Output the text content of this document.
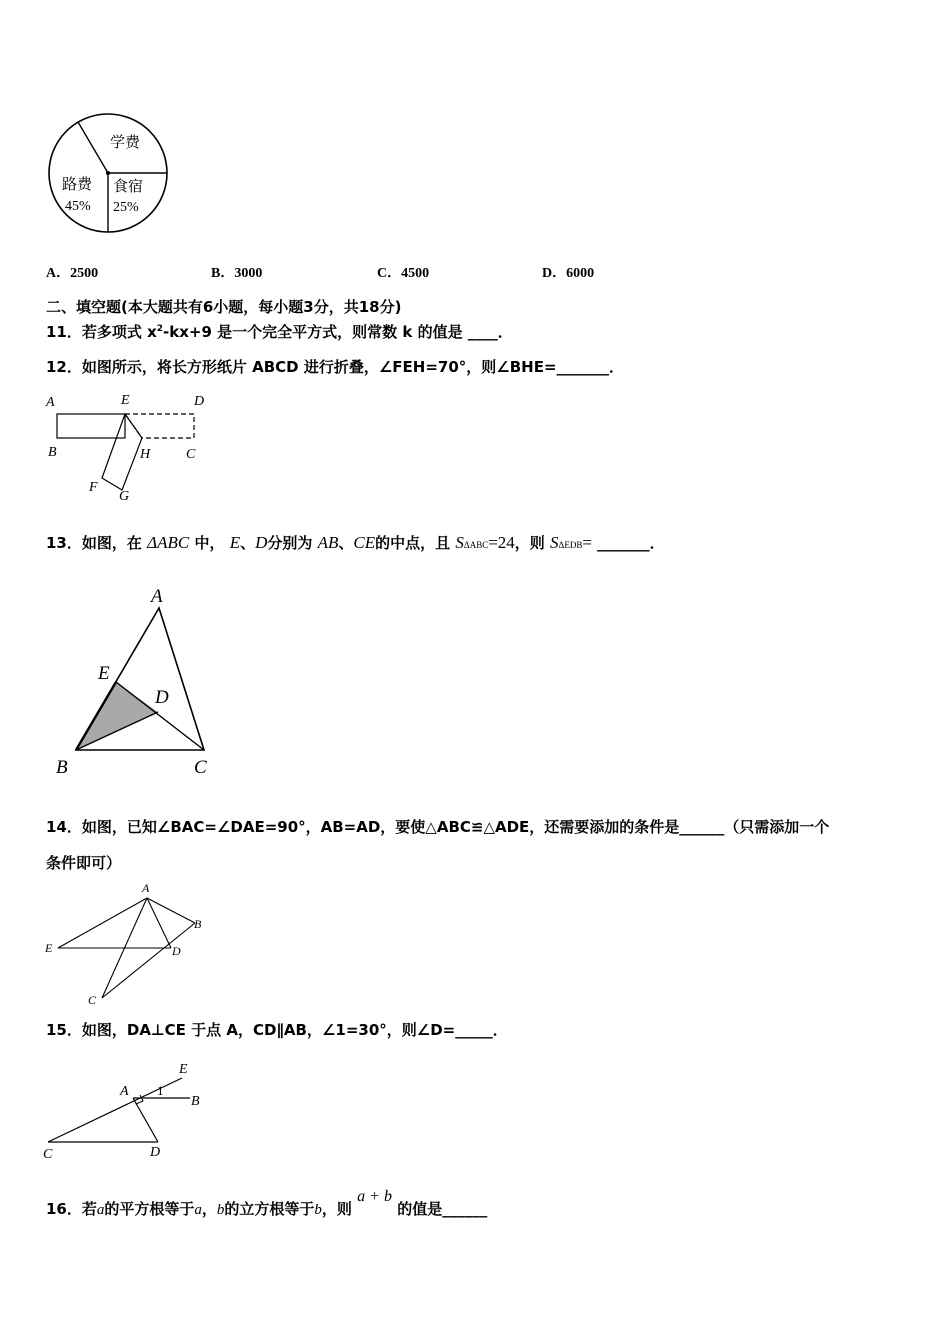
学费
路费
45%
食宿
25%
A．2500	B．3000	C．4500	D．6000
二、填空题(本大题共有6小题，每小题3分，共18分)
11．若多项式 $x^2-kx+9$ 是一个完全平方式，则常数 k 的值是 ____．
12．如图所示，将长方形纸片 ABCD 进行折叠，∠FEH=70°，则∠BHE=_______．
A	E	D
B	H	C
F
G
13．如图，在 ΔABC 中， E、D分别为 AB、CE的中点，且 SΔABC=24，则 SΔEDB= _______．
A
E
D
B	C
14．如图，已知∠BAC=∠DAE=90°，AB=AD，要使△ABC≌△ADE，还需要添加的条件是______（只需添加一个
条件即可）
A
B
E	D
C
15．如图，DA⊥CE 于点 A，CD∥AB，∠1=30°，则∠D=_____．
E
A 1
B
C	D
16．若a的平方根等于a，b的立方根等于b，则 a + b 的值是______
